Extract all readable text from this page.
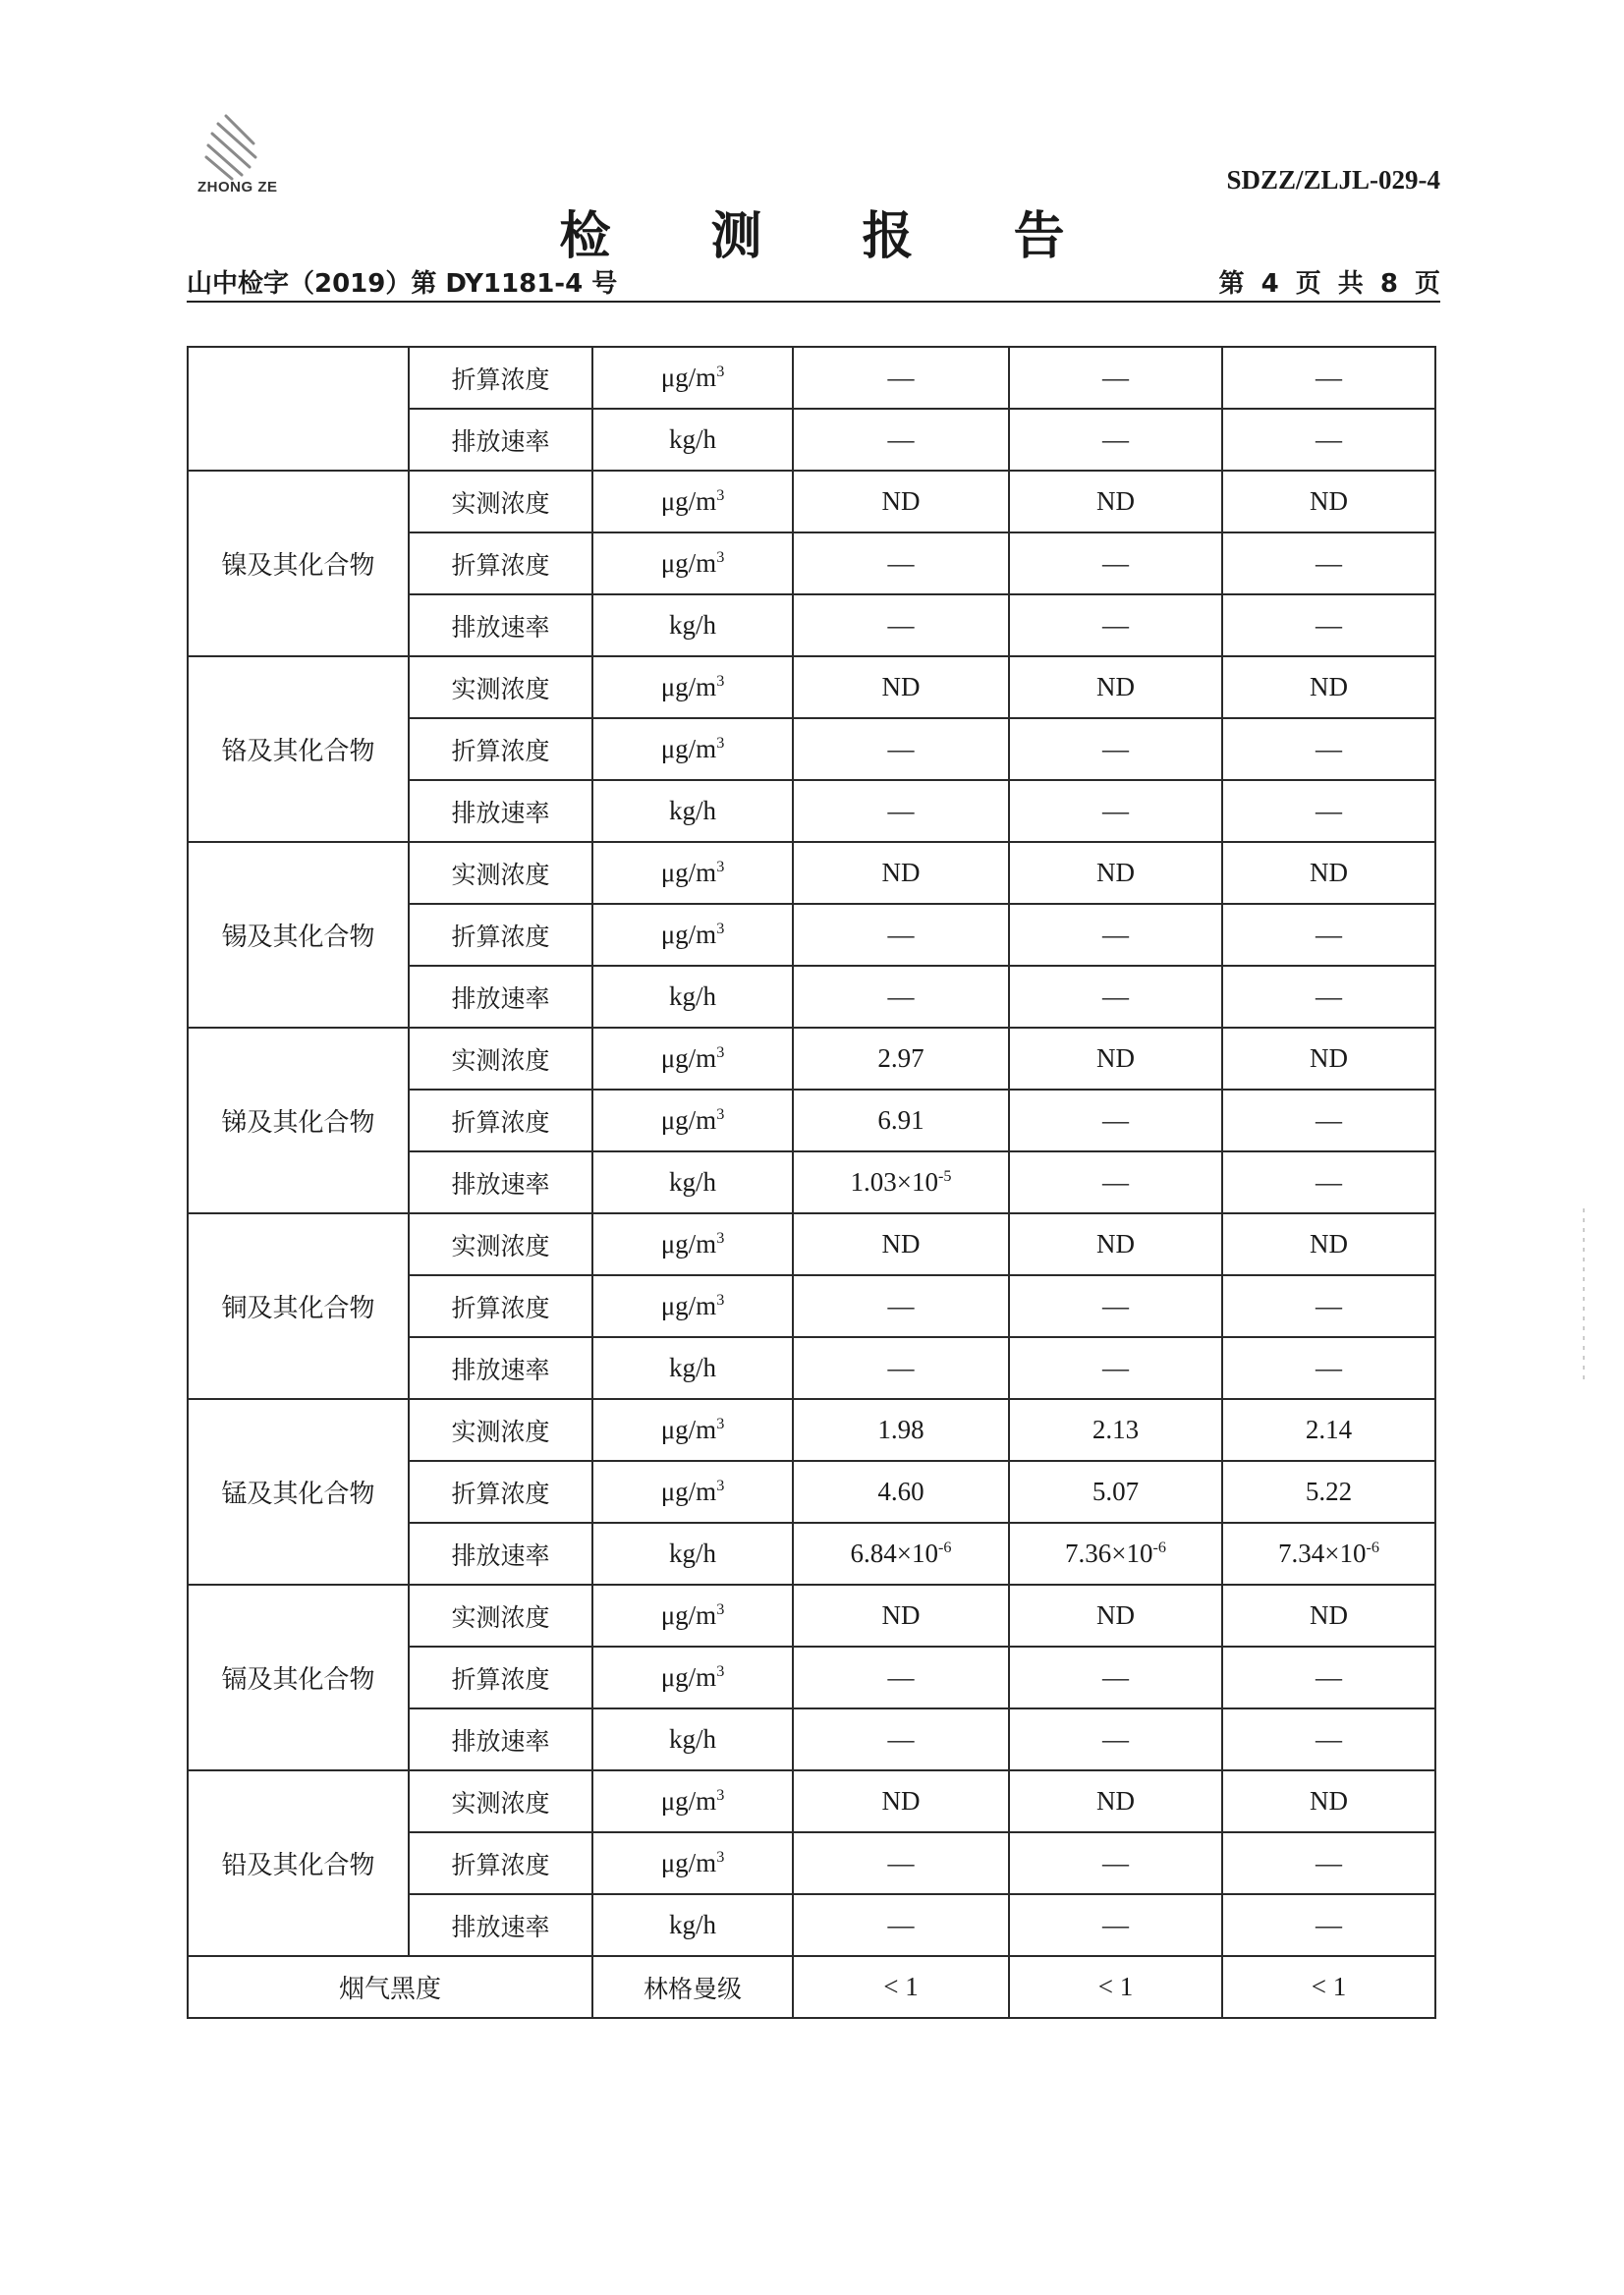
ZHONG ZE	SDZZ/ZLJL-029-4
检 测 报 告
山中检字（2019）第 DY1181-4 号	第 4 页 共 8 页
	折算浓度	$\mu g/m^3$	—	—	—
	排放速率	kg/h	—	—	—
镍及其化合物	实测浓度	$\mu g/m^3$	ND	ND	ND
	折算浓度	$\mu g/m^3$	—	—	—
	排放速率	kg/h	—	—	—
铬及其化合物	实测浓度	$\mu g/m^3$	ND	ND	ND
	折算浓度	$\mu g/m^3$	—	—	—
	排放速率	kg/h	—	—	—
锡及其化合物	实测浓度	$\mu g/m^3$	ND	ND	ND
	折算浓度	$\mu g/m^3$	—	—	—
	排放速率	kg/h	—	—	—
锑及其化合物	实测浓度	$\mu g/m^3$	2.97	ND	ND
	折算浓度	$\mu g/m^3$	6.91	—	—
	排放速率	kg/h	$1.03\times 10^{-5}$	—	—
铜及其化合物	实测浓度	$\mu g/m^3$	ND	ND	ND
	折算浓度	$\mu g/m^3$	—	—	—
	排放速率	kg/h	—	—	—
锰及其化合物	实测浓度	$\mu g/m^3$	1.98	2.13	2.14
	折算浓度	$\mu g/m^3$	4.60	5.07	5.22
	排放速率	kg/h	$6.84\times 10^{-6}$	$7.36\times 10^{-6}$	$7.34\times 10^{-6}$
镉及其化合物	实测浓度	$\mu g/m^3$	ND	ND	ND
	折算浓度	$\mu g/m^3$	—	—	—
	排放速率	kg/h	—	—	—
铅及其化合物	实测浓度	$\mu g/m^3$	ND	ND	ND
	折算浓度	$\mu g/m^3$	—	—	—
	排放速率	kg/h	—	—	—
烟气黑度		林格曼级	< 1	< 1	< 1
